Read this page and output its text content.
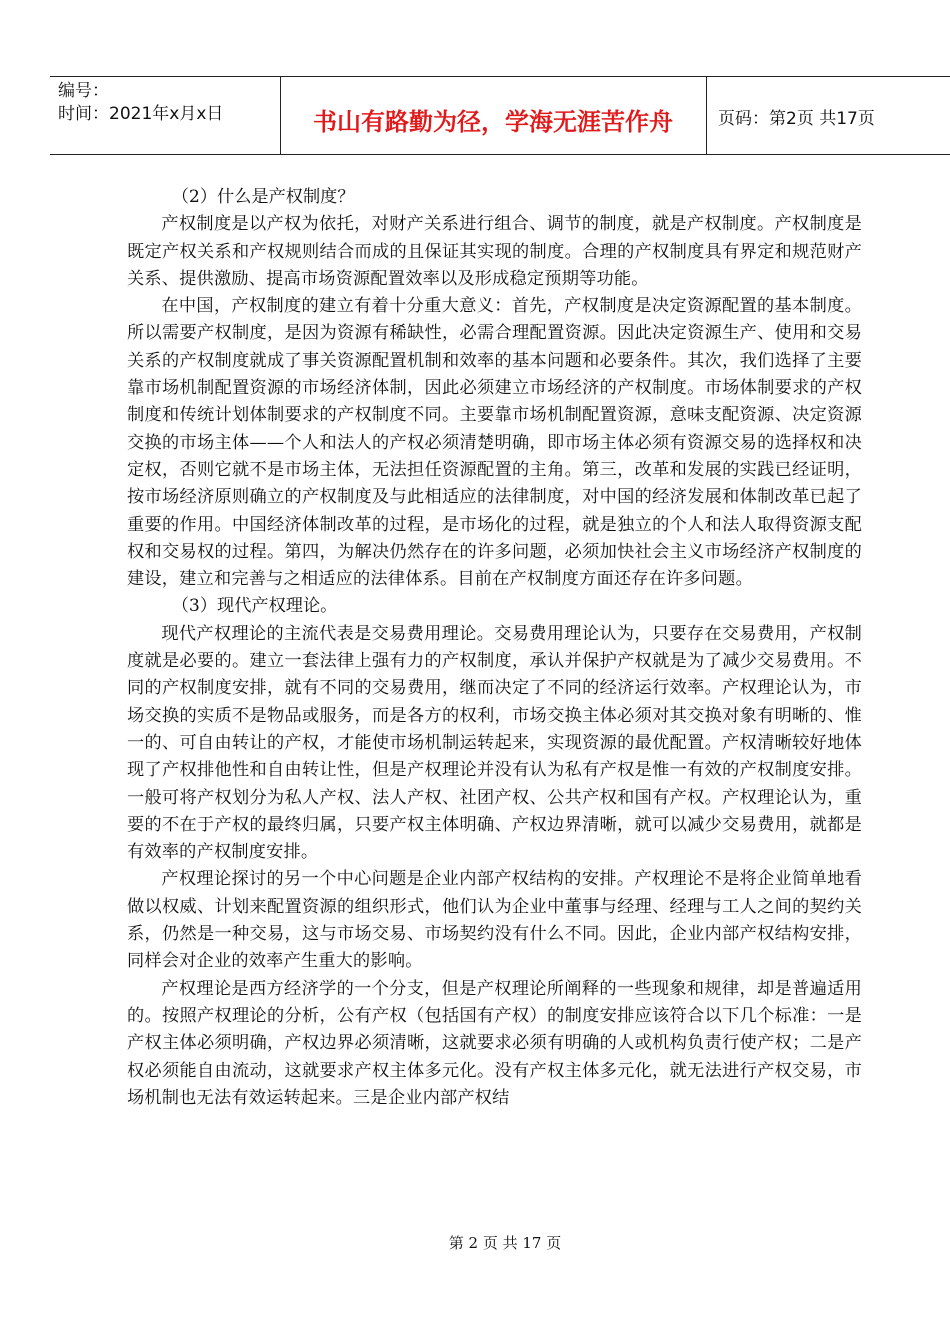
编号：
时间：2021年x月x日	书山有路勤为径，学海无涯苦作舟	页码：第2页 共17页

（2）什么是产权制度？

产权制度是以产权为依托，对财产关系进行组合、调节的制度，就是产权制度。产权制度是既定产权关系和产权规则结合而成的且保证其实现的制度。合理的产权制度具有界定和规范财产关系、提供激励、提高市场资源配置效率以及形成稳定预期等功能。

在中国，产权制度的建立有着十分重大意义：首先，产权制度是决定资源配置的基本制度。所以需要产权制度，是因为资源有稀缺性，必需合理配置资源。因此决定资源生产、使用和交易关系的产权制度就成了事关资源配置机制和效率的基本问题和必要条件。其次，我们选择了主要靠市场机制配置资源的市场经济体制，因此必须建立市场经济的产权制度。市场体制要求的产权制度和传统计划体制要求的产权制度不同。主要靠市场机制配置资源，意味支配资源、决定资源交换的市场主体——个人和法人的产权必须清楚明确，即市场主体必须有资源交易的选择权和决定权，否则它就不是市场主体，无法担任资源配置的主角。第三，改革和发展的实践已经证明，按市场经济原则确立的产权制度及与此相适应的法律制度，对中国的经济发展和体制改革已起了重要的作用。中国经济体制改革的过程，是市场化的过程，就是独立的个人和法人取得资源支配权和交易权的过程。第四，为解决仍然存在的许多问题，必须加快社会主义市场经济产权制度的建设，建立和完善与之相适应的法律体系。目前在产权制度方面还存在许多问题。

（3）现代产权理论。

现代产权理论的主流代表是交易费用理论。交易费用理论认为，只要存在交易费用，产权制度就是必要的。建立一套法律上强有力的产权制度，承认并保护产权就是为了减少交易费用。不同的产权制度安排，就有不同的交易费用，继而决定了不同的经济运行效率。产权理论认为，市场交换的实质不是物品或服务，而是各方的权利，市场交换主体必须对其交换对象有明晰的、惟一的、可自由转让的产权，才能使市场机制运转起来，实现资源的最优配置。产权清晰较好地体现了产权排他性和自由转让性，但是产权理论并没有认为私有产权是惟一有效的产权制度安排。一般可将产权划分为私人产权、法人产权、社团产权、公共产权和国有产权。产权理论认为，重要的不在于产权的最终归属，只要产权主体明确、产权边界清晰，就可以减少交易费用，就都是有效率的产权制度安排。

产权理论探讨的另一个中心问题是企业内部产权结构的安排。产权理论不是将企业简单地看做以权威、计划来配置资源的组织形式，他们认为企业中董事与经理、经理与工人之间的契约关系，仍然是一种交易，这与市场交易、市场契约没有什么不同。因此，企业内部产权结构安排，同样会对企业的效率产生重大的影响。

产权理论是西方经济学的一个分支，但是产权理论所阐释的一些现象和规律，却是普遍适用的。按照产权理论的分析，公有产权（包括国有产权）的制度安排应该符合以下几个标准：一是产权主体必须明确，产权边界必须清晰，这就要求必须有明确的人或机构负责行使产权；二是产权必须能自由流动，这就要求产权主体多元化。没有产权主体多元化，就无法进行产权交易，市场机制也无法有效运转起来。三是企业内部产权结

第 2 页 共 17 页
